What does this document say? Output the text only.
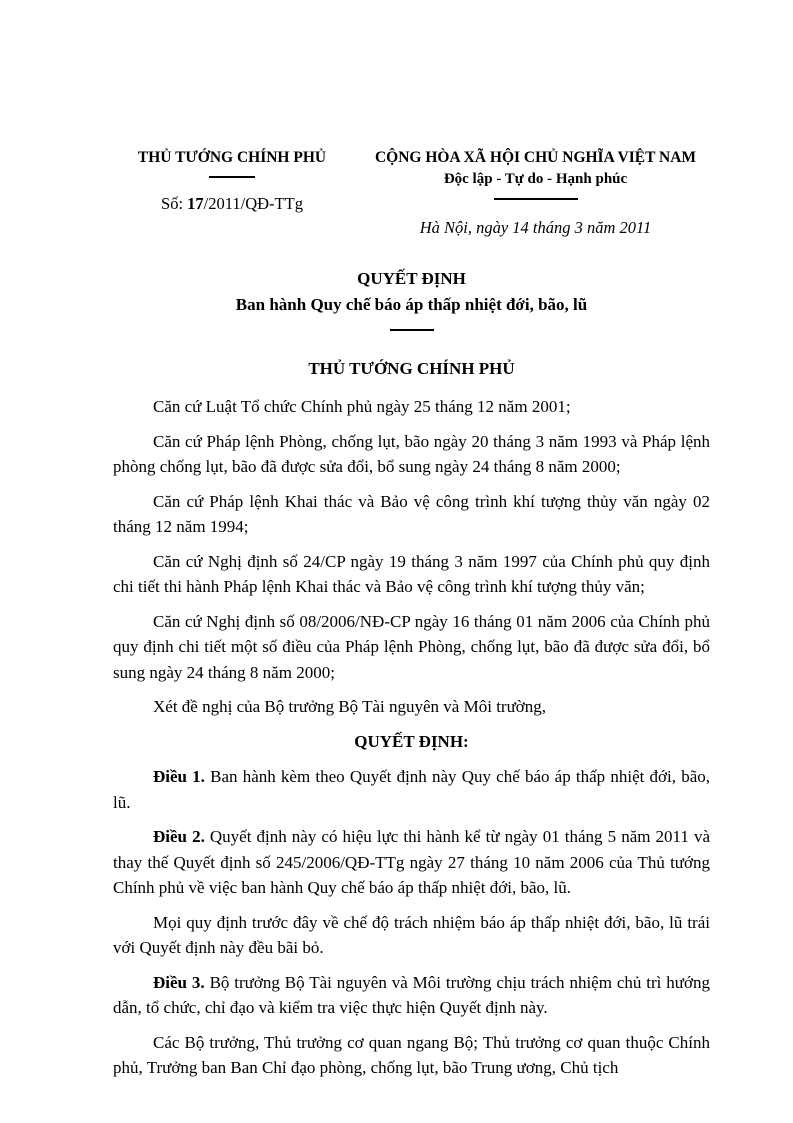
THỦ TƯỚNG CHÍNH PHỦ
Số: 17/2011/QĐ-TTg
CỘNG HÒA XÃ HỘI CHỦ NGHĨA VIỆT NAM
Độc lập - Tự do - Hạnh phúc
Hà Nội, ngày 14 tháng 3 năm 2011
QUYẾT ĐỊNH
Ban hành Quy chế báo áp thấp nhiệt đới, bão, lũ
THỦ TƯỚNG CHÍNH PHỦ

Căn cứ Luật Tổ chức Chính phủ ngày 25 tháng 12 năm 2001;

Căn cứ Pháp lệnh Phòng, chống lụt, bão ngày 20 tháng 3 năm 1993 và Pháp lệnh phòng chống lụt, bão đã được sửa đổi, bổ sung ngày 24 tháng 8 năm 2000;

Căn cứ Pháp lệnh Khai thác và Bảo vệ công trình khí tượng thủy văn ngày 02 tháng 12 năm 1994;

Căn cứ Nghị định số 24/CP ngày 19 tháng 3 năm 1997 của Chính phủ quy định chi tiết thi hành Pháp lệnh Khai thác và Bảo vệ công trình khí tượng thủy văn;

Căn cứ Nghị định số 08/2006/NĐ-CP ngày 16 tháng 01 năm 2006 của Chính phủ quy định chi tiết một số điều của Pháp lệnh Phòng, chống lụt, bão đã được sửa đổi, bổ sung ngày 24 tháng 8 năm 2000;

Xét đề nghị của Bộ trưởng Bộ Tài nguyên và Môi trường,

QUYẾT ĐỊNH:

Điều 1. Ban hành kèm theo Quyết định này Quy chế báo áp thấp nhiệt đới, bão, lũ.

Điều 2. Quyết định này có hiệu lực thi hành kể từ ngày 01 tháng 5 năm 2011 và thay thế Quyết định số 245/2006/QĐ-TTg ngày 27 tháng 10 năm 2006 của Thủ tướng Chính phủ về việc ban hành Quy chế báo áp thấp nhiệt đới, bão, lũ.

Mọi quy định trước đây về chế độ trách nhiệm báo áp thấp nhiệt đới, bão, lũ trái với Quyết định này đều bãi bỏ.

Điều 3. Bộ trưởng Bộ Tài nguyên và Môi trường chịu trách nhiệm chủ trì hướng dẫn, tổ chức, chỉ đạo và kiểm tra việc thực hiện Quyết định này.

Các Bộ trưởng, Thủ trưởng cơ quan ngang Bộ; Thủ trưởng cơ quan thuộc Chính phủ, Trưởng ban Ban Chỉ đạo phòng, chống lụt, bão Trung ương, Chủ tịch
